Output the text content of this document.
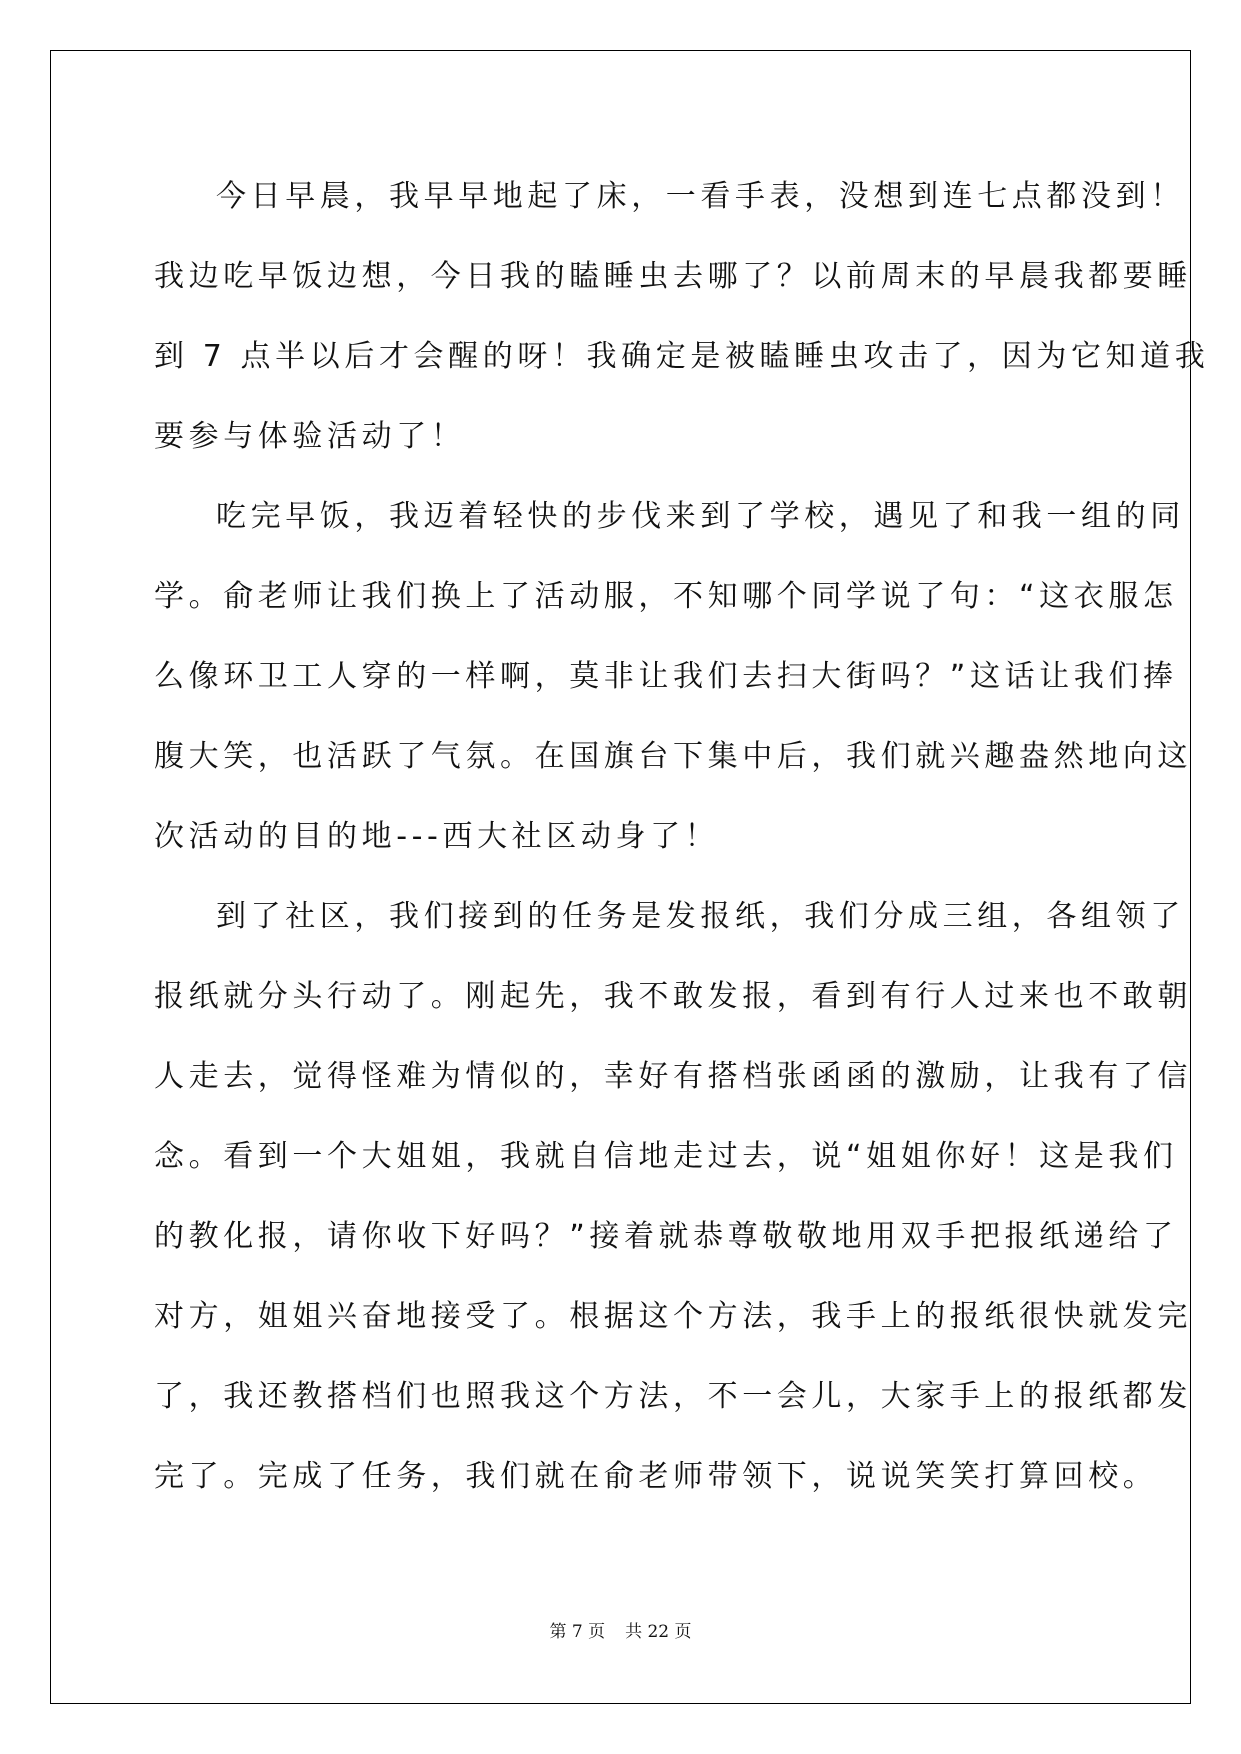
今日早晨，我早早地起了床，一看手表，没想到连七点都没到！
我边吃早饭边想，今日我的瞌睡虫去哪了？以前周末的早晨我都要睡
到 7 点半以后才会醒的呀！我确定是被瞌睡虫攻击了，因为它知道我
要参与体验活动了！
吃完早饭，我迈着轻快的步伐来到了学校，遇见了和我一组的同
学。俞老师让我们换上了活动服，不知哪个同学说了句：“这衣服怎
么像环卫工人穿的一样啊，莫非让我们去扫大街吗？”这话让我们捧
腹大笑，也活跃了气氛。在国旗台下集中后，我们就兴趣盎然地向这
次活动的目的地---西大社区动身了！
到了社区，我们接到的任务是发报纸，我们分成三组，各组领了
报纸就分头行动了。刚起先，我不敢发报，看到有行人过来也不敢朝
人走去，觉得怪难为情似的，幸好有搭档张函函的激励，让我有了信
念。看到一个大姐姐，我就自信地走过去，说“姐姐你好！这是我们
的教化报，请你收下好吗？”接着就恭尊敬敬地用双手把报纸递给了
对方，姐姐兴奋地接受了。根据这个方法，我手上的报纸很快就发完
了，我还教搭档们也照我这个方法，不一会儿，大家手上的报纸都发
完了。完成了任务，我们就在俞老师带领下，说说笑笑打算回校。
第 7 页 共 22 页
